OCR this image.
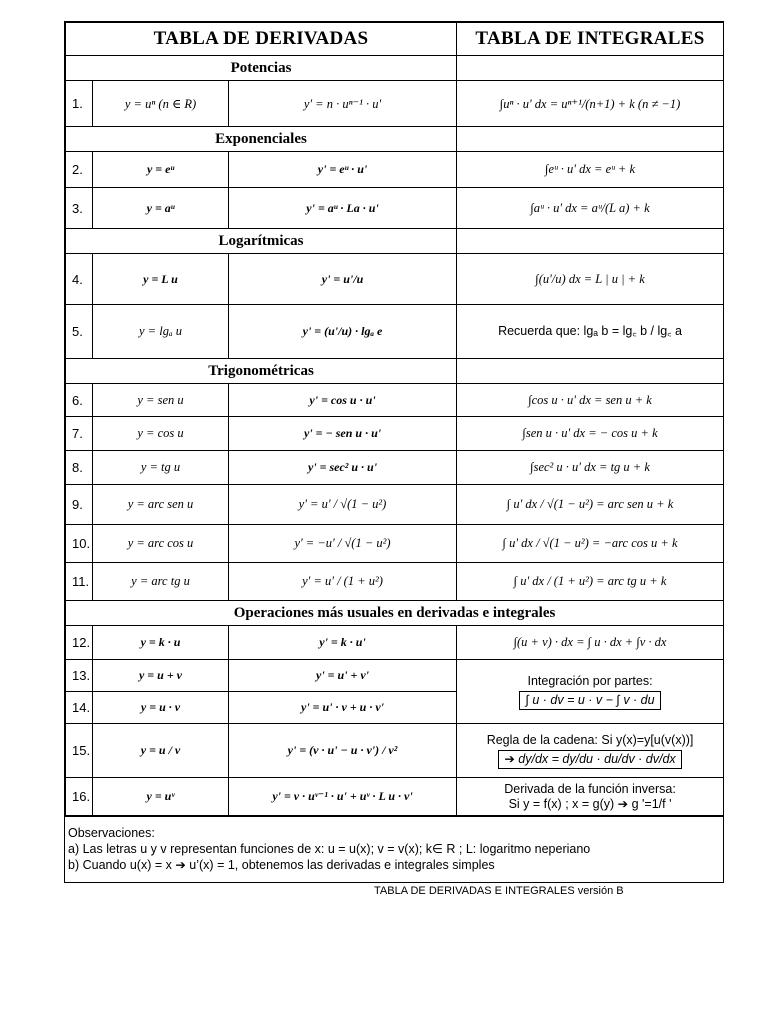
TABLA DE DERIVADAS			TABLA DE INTEGRALES
Potencias			
1.	y = uⁿ (n ∈ R)	y' = n · uⁿ⁻¹ · u'	∫uⁿ · u' dx = uⁿ⁺¹/(n+1) + k (n ≠ −1)
Exponenciales			
2.	y = eᵘ	y' = eᵘ · u'	∫eᵘ · u' dx = eᵘ + k
3.	y = aᵘ	y' = aᵘ · La · u'	∫aᵘ · u' dx = aᵘ/(L a) + k
Logarítmicas			
4.	y = L u	y' = u'/u	∫(u'/u) dx = L | u | + k
5.	y = lgₐ u	y' = (u'/u) · lgₐ e	Recuerda que: lgₐ b = lg꜀ b / lg꜀ a
Trigonométricas			
6.	y = sen u	y' = cos u · u'	∫cos u · u' dx = sen u + k
7.	y = cos u	y' = − sen u · u'	∫sen u · u' dx = − cos u + k
8.	y = tg u	y' = sec² u · u'	∫sec² u · u' dx = tg u + k
9.	y = arc sen u	y' = u' / √(1 − u²)	∫ u' dx / √(1 − u²) = arc sen u + k
10.	y = arc cos u	y' = −u' / √(1 − u²)	∫ u' dx / √(1 − u²) = −arc cos u + k
11.	y = arc tg u	y' = u' / (1 + u²)	∫ u' dx / (1 + u²) = arc tg u + k
Operaciones más usuales en derivadas e integrales			
12.	y = k · u	y' = k · u'	∫(u + v) · dx = ∫ u · dx + ∫v · dx
13.	y = u + v	y' = u' + v'	Integración por partes:
∫ u · dv = u · v − ∫ v · du
14.	y = u · v	y' = u' · v + u · v'	
15.	y = u / v	y' = (v · u' − u · v') / v²	Regla de la cadena: Si y(x)=y[u(v(x))]
➔ dy/dx = dy/du · du/dv · dv/dx
16.	y = uᵛ	y' = v · uᵛ⁻¹ · u' + uᵛ · L u · v'	Derivada de la función inversa:
Si y = f(x) ; x = g(y) ➔ g '=1/f '
Observaciones:
a) Las letras u y v representan funciones de x: u = u(x); v = v(x); k∈ R ; L: logaritmo neperiano
b) Cuando u(x) = x ➔ u’(x) = 1, obtenemos las derivadas e integrales simples
TABLA DE DERIVADAS E INTEGRALES versión B
